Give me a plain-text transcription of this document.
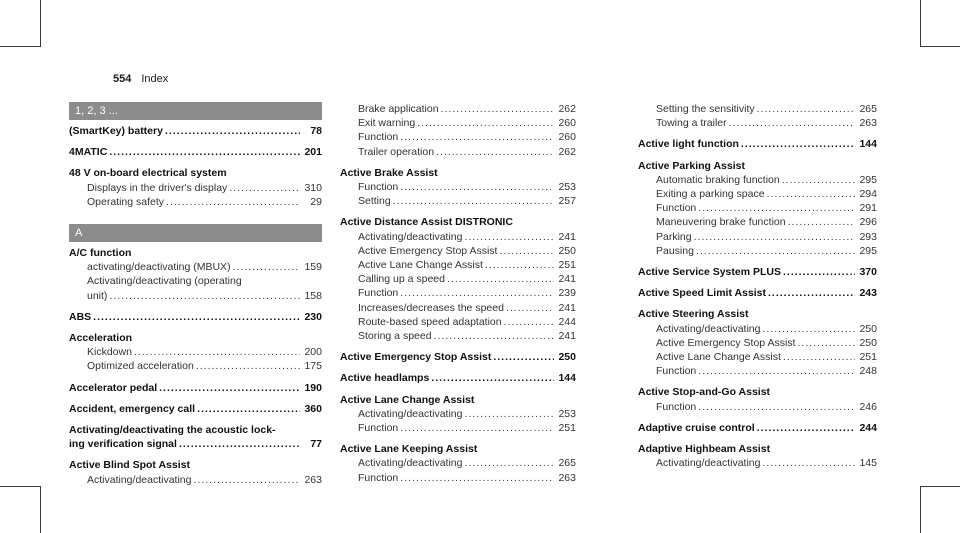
554 Index
1, 2, 3 ...
(SmartKey) battery .....	78
4MATIC .....	201
48 V on-board electrical system
Displays in the driver's display .....	310
Operating safety .....	29
A
A/C function
activating/deactivating (MBUX) .....	159
Activating/deactivating (operating
unit) .....	158
ABS .....	230
Acceleration
Kickdown .....	200
Optimized acceleration .....	175
Accelerator pedal .....	190
Accident, emergency call .....	360
Activating/deactivating the acoustic lock-
ing verification signal .....	77
Active Blind Spot Assist
Activating/deactivating .....	263
Brake application .....	262
Exit warning .....	260
Function .....	260
Trailer operation .....	262
Active Brake Assist
Function .....	253
Setting .....	257
Active Distance Assist DISTRONIC
Activating/deactivating .....	241
Active Emergency Stop Assist .....	250
Active Lane Change Assist .....	251
Calling up a speed .....	241
Function .....	239
Increases/decreases the speed .....	241
Route-based speed adaptation .....	244
Storing a speed .....	241
Active Emergency Stop Assist .....	250
Active headlamps .....	144
Active Lane Change Assist
Activating/deactivating .....	253
Function .....	251
Active Lane Keeping Assist
Activating/deactivating .....	265
Function .....	263
Setting the sensitivity .....	265
Towing a trailer .....	263
Active light function .....	144
Active Parking Assist
Automatic braking function .....	295
Exiting a parking space .....	294
Function .....	291
Maneuvering brake function .....	296
Parking .....	293
Pausing .....	295
Active Service System PLUS .....	370
Active Speed Limit Assist .....	243
Active Steering Assist
Activating/deactivating .....	250
Active Emergency Stop Assist .....	250
Active Lane Change Assist .....	251
Function .....	248
Active Stop-and-Go Assist
Function .....	246
Adaptive cruise control .....	244
Adaptive Highbeam Assist
Activating/deactivating .....	145
